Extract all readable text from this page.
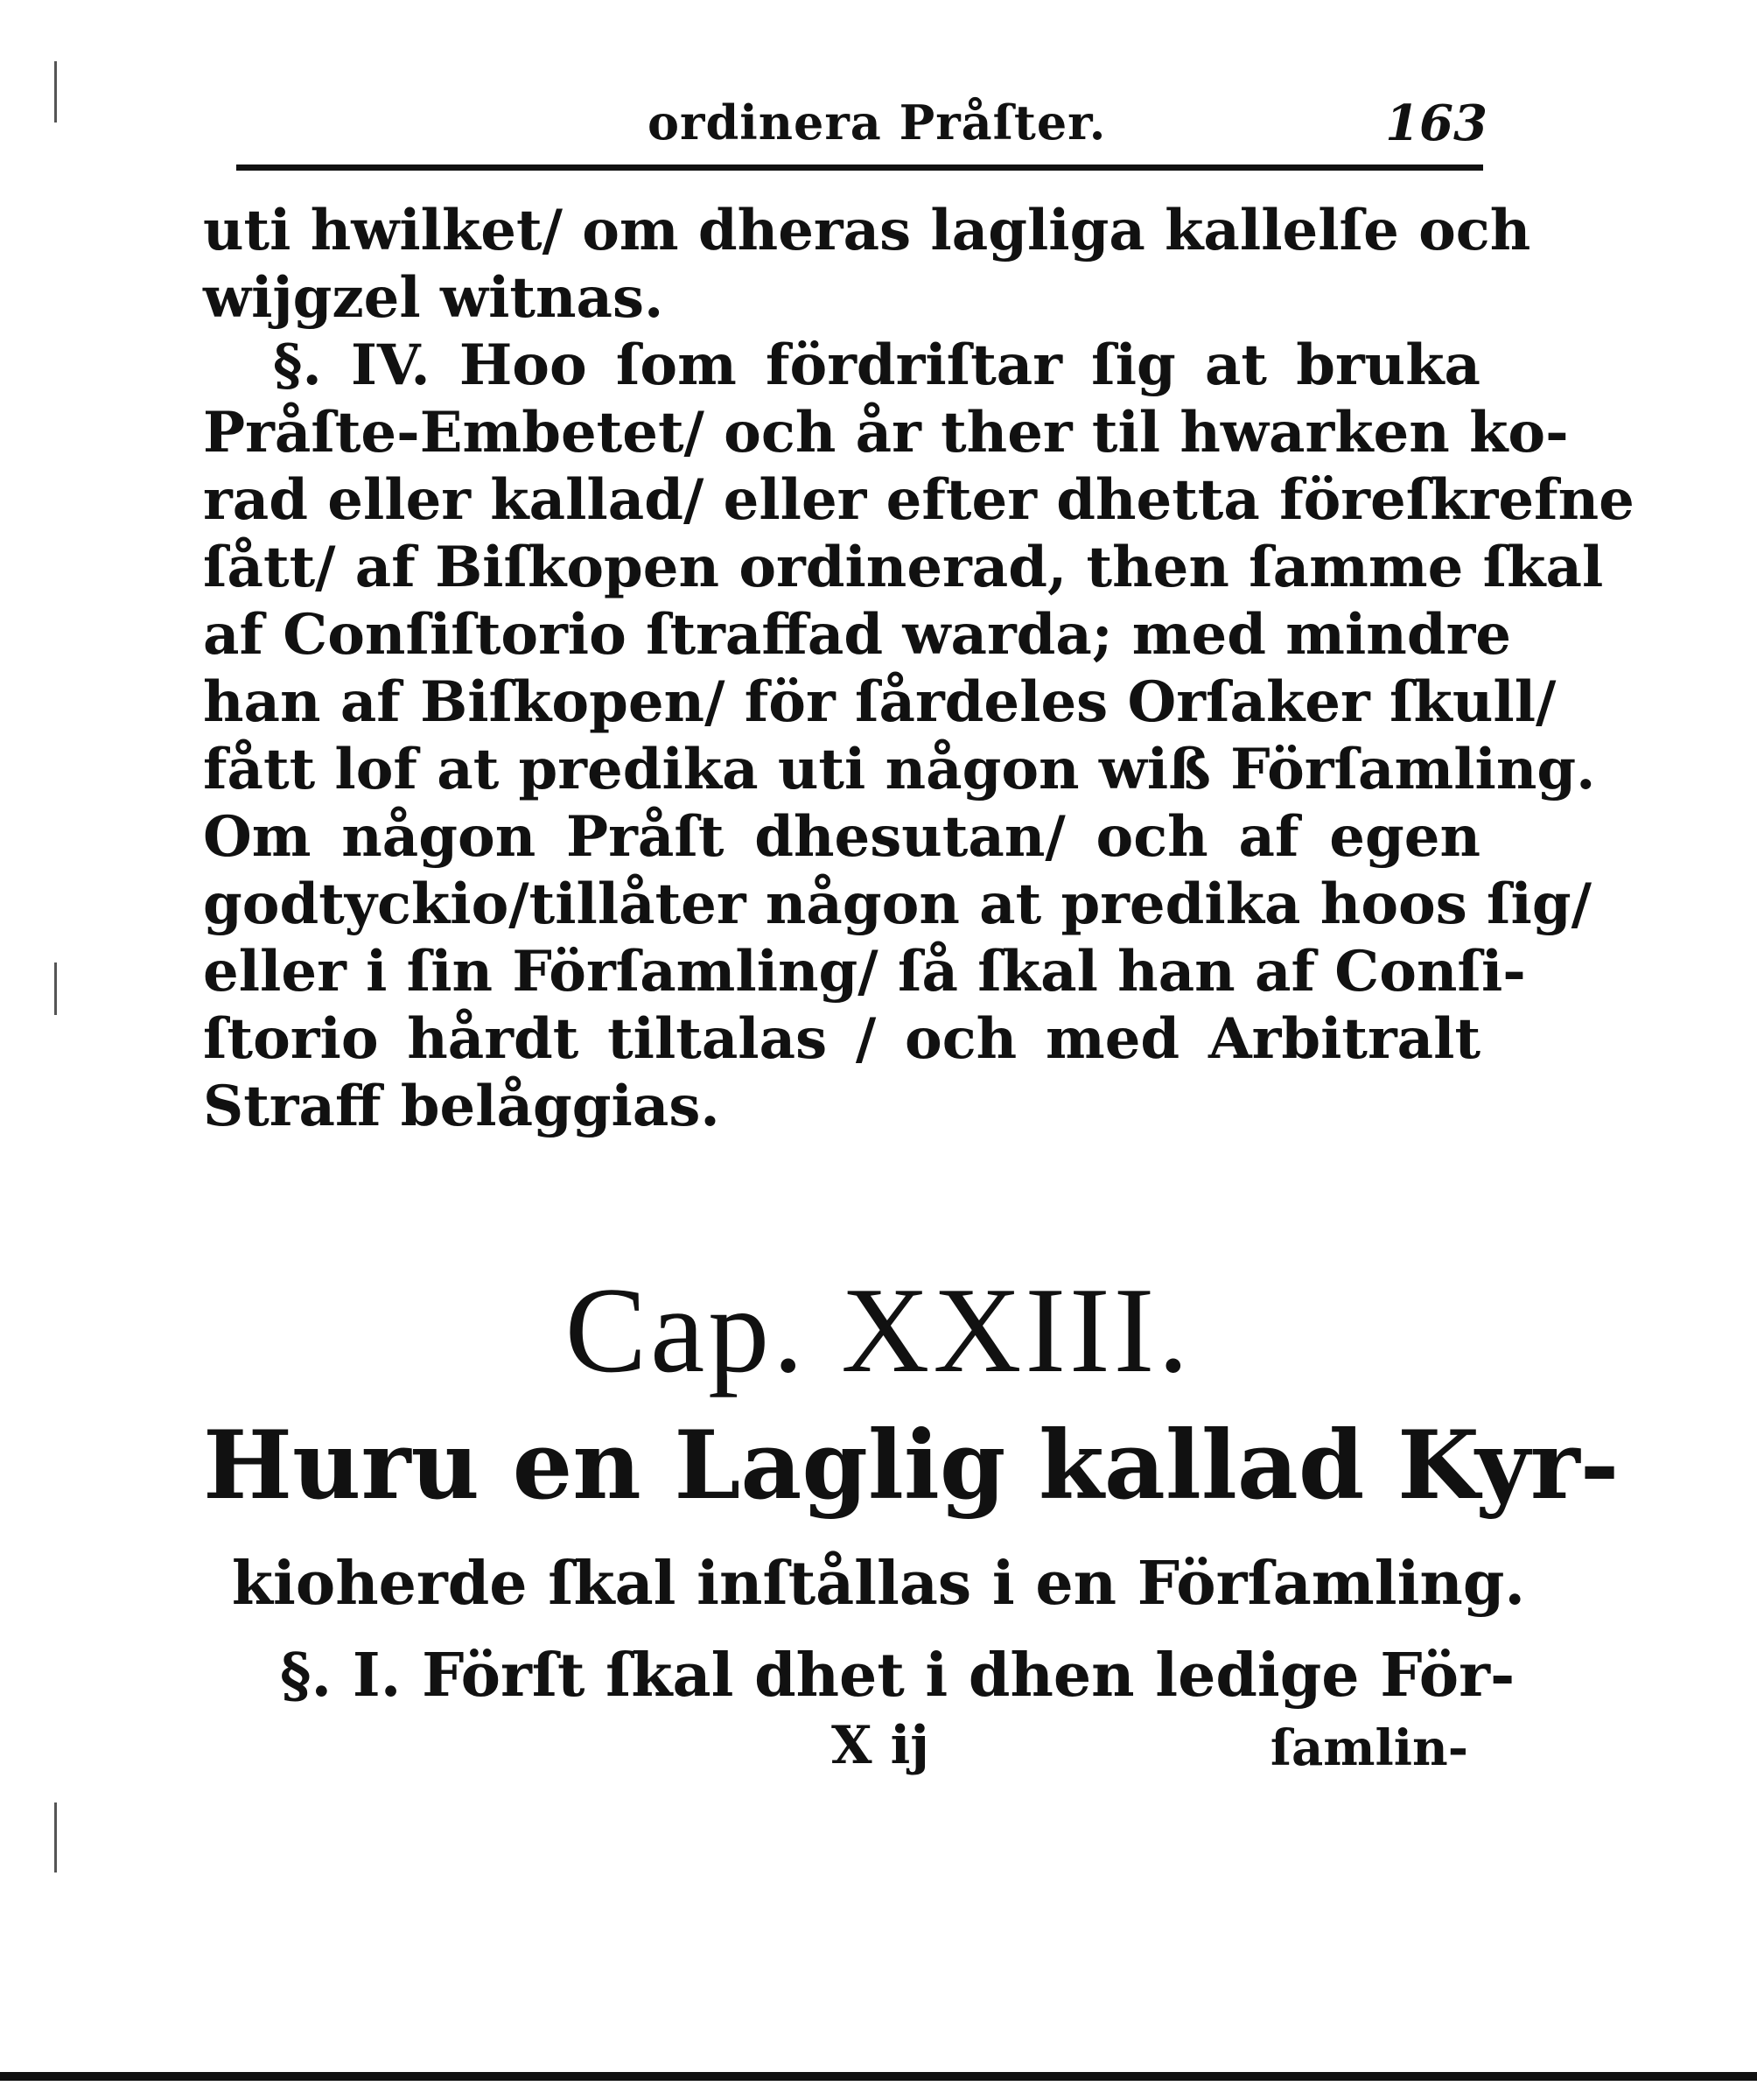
ordinera Pråſter.	163
uti hwilket/ om dheras lagliga kallelſe och
wijgzel witnas.
§. IV. Hoo ſom fördriſtar ſig at bruka
Pråſte-Embetet/ och år ther til hwarken ko-
rad eller kallad/ eller efter dhetta föreſkrefne
ſått/ af Biſkopen ordinerad, then ſamme ſkal
af Conſiſtorio ſtraffad warda; med mindre
han af Biſkopen/ för ſårdeles Orſaker ſkull/
fått lof at predika uti någon wiß Förſamling.
Om någon Pråſt dhesutan/ och af egen
godtyckio/tillåter någon at predika hoos ſig/
eller i ſin Förſamling/ ſå ſkal han af Conſi-
ſtorio hårdt tiltalas / och med Arbitralt
Straff belåggias.
Cap. XXIII.
Huru en Laglig kallad Kyr-
kioherde ſkal inſtållas i en Förſamling.
§. I. Förſt ſkal dhet i dhen ledige För-
X ij	ſamlin-
